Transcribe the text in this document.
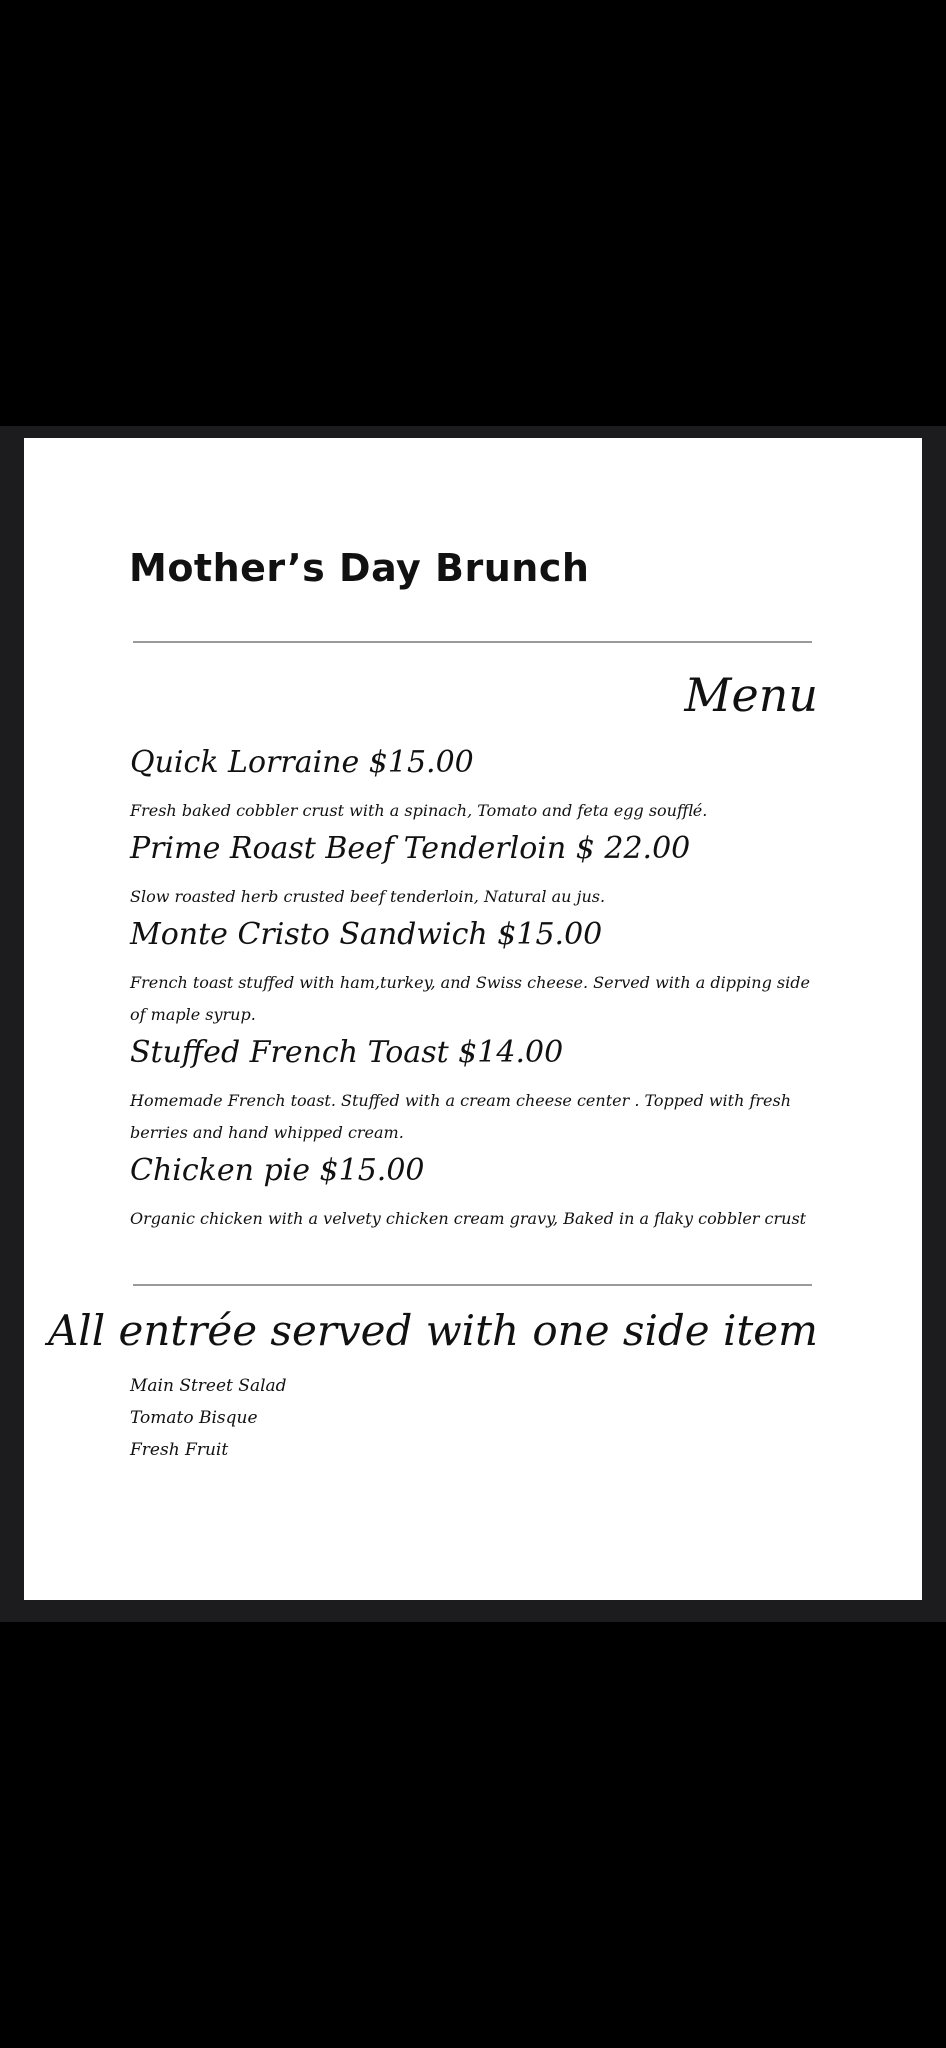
Mother’s Day Brunch
Menu
Quick Lorraine $15.00
Fresh baked cobbler crust with a spinach, Tomato and feta egg soufflé.
Prime Roast Beef Tenderloin $ 22.00
Slow roasted herb crusted beef tenderloin, Natural au jus.
Monte Cristo Sandwich $15.00
French toast stuffed with ham,turkey, and Swiss cheese. Served with a dipping side of maple syrup.
Stuffed French Toast $14.00
Homemade French toast. Stuffed with a cream cheese center . Topped with fresh berries and hand whipped cream.
Chicken pie $15.00
Organic chicken with a velvety chicken cream gravy, Baked in a flaky cobbler crust
All entrée served with one side item
Main Street Salad
Tomato Bisque
Fresh Fruit
